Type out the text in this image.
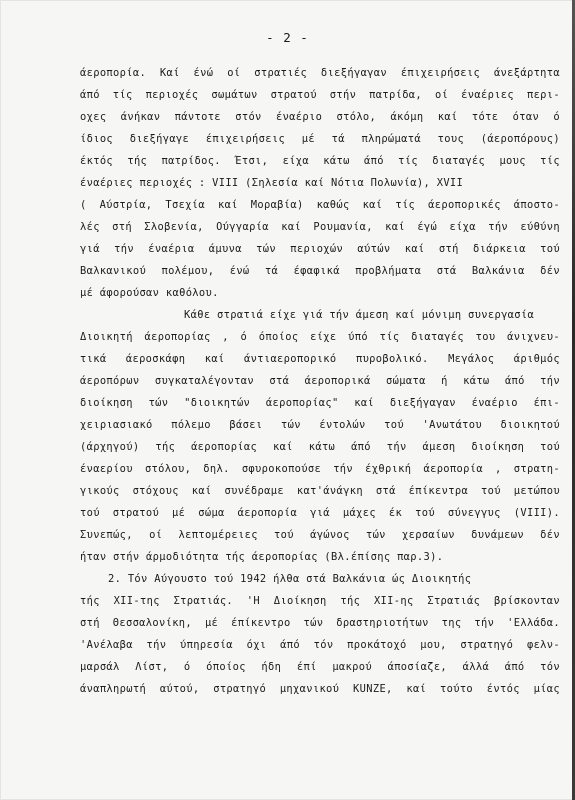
- 2 -
άεροπορία. Καί ένώ οί στρατιές διεξήγαγαν έπιχειρήσεις άνεξάρτητα
άπό τίς περιοχές σωμάτων στρατού στήν πατρίδα, οί έναέριες περι-
οχες άνήκαν πάντοτε στόν έναέριο στόλο, άκόμη καί τότε όταν ό
ίδιος διεξήγαγε έπιχειρήσεις μέ τά πληρώματά τους (άεροπόρους)
έκτός τής πατρίδος. Έτσι, είχα κάτω άπό τίς διαταγές μους τίς
έναέριες περιοχές : VIII (Σηλεσία καί Νότια Πολωνία), XVII
( Αύστρία, Τσεχία καί Μοραβία) καθώς καί τίς άεροπορικές άποστο-
λές στή Σλοβενία, Ούγγαρία καί Ρουμανία, καί έγώ είχα τήν εύθύνη
γιά τήν έναέρια άμυνα τών περιοχών αύτών καί στή διάρκεια τού
Βαλκανικού πολέμου, ένώ τά έφαφικά προβλήματα στά Βαλκάνια δέν
μέ άφορούσαν καθόλου.
Κάθε στρατιά είχε γιά τήν άμεση καί μόνιμη συνεργασία
Διοικητή άεροπορίας , ό όποίος είχε ύπό τίς διαταγές του άνιχνευ-
τικά άεροσκάφη καί άντιαεροπορικό πυροβολικό. Μεγάλος άριθμός
άεροπόρων συγκαταλέγονταν στά άεροπορικά σώματα ή κάτω άπό τήν
διοίκηση τών "διοικητών άεροπορίας" καί διεξήγαγαν έναέριο έπι-
χειριασιακό πόλεμο βάσει τών έντολών τού 'Ανωτάτου διοικητού
(άρχηγού) τής άεροπορίας καί κάτω άπό τήν άμεση διοίκηση τού
έναερίου στόλου, δηλ. σφυροκοπούσε τήν έχθρική άεροπορία , στρατη-
γικούς στόχους καί συνέδραμε κατ'άνάγκη στά έπίκεντρα τού μετώπου
τού στρατού μέ σώμα άεροπορία γιά μάχες έκ τού σύνεγγυς (VIII).
Συνεπώς, οί λεπτομέρειες τού άγώνος τών χερσαίων δυνάμεων δέν
ήταν στήν άρμοδιότητα τής άεροπορίας (Βλ.έπίσης παρ.3).
2. Τόν Αύγουστο τού 1942 ήλθα στά Βαλκάνια ώς Διοικητής
τής ΧΙΙ-της Στρατιάς. 'Η Διοίκηση τής ΧΙΙ-ης Στρατιάς βρίσκονταν
στή Θεσσαλονίκη, μέ έπίκεντρο τών δραστηριοτήτων της τήν 'Ελλάδα.
'Ανέλαβα τήν ύπηρεσία όχι άπό τόν προκάτοχό μου, στρατηγό φελν-
μαρσάλ Λίστ, ό όποίος ήδη έπί μακρού άποσίαζε, άλλά άπό τόν
άναπληρωτή αύτού, στρατηγό μηχανικού KUNZE, καί τούτο έντός μίας
